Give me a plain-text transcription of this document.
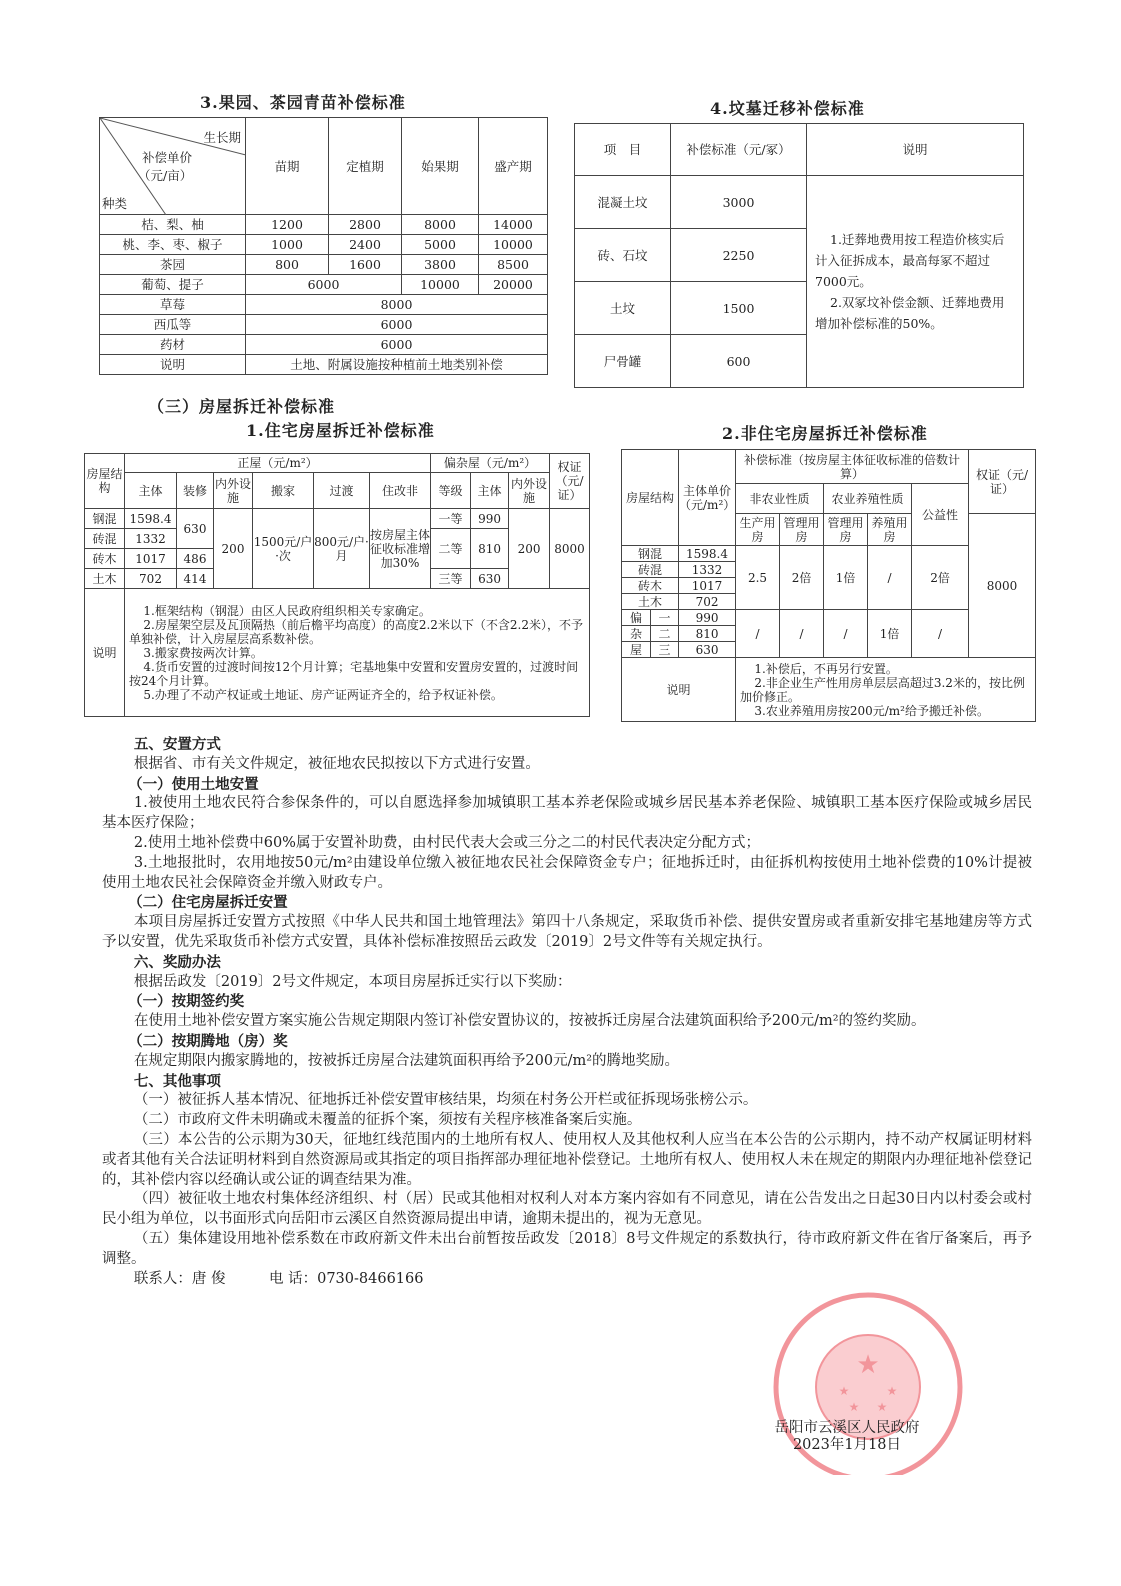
3.果园、茶园青苗补偿标准
生长期
补偿单价
（元/亩）
种类	苗期	定植期	始果期	盛产期
桔、梨、柚	1200	2800	8000	14000
桃、李、枣、椒子	1000	2400	5000	10000
茶园	800	1600	3800	8500
葡萄、提子	6000		10000	20000
草莓	8000			
西瓜等	6000			
药材	6000			
说明	土地、附属设施按种植前土地类别补偿			
4.坟墓迁移补偿标准
项　目	补偿标准（元/冢）	说明
混凝土坟	3000	1.迁葬地费用按工程造价核实后计入征拆成本，最高每冢不超过7000元。

2.双冢坟补偿金额、迁葬地费用增加补偿标准的50%。

砖、石坟	2250	
土坟	1500	
尸骨罐	600	
（三）房屋拆迁补偿标准
1.住宅房屋拆迁补偿标准
房屋结构	正屋（元/m²）						偏杂屋（元/m²）			权证（元/证）
	主体	装修	内外设施	搬家	过渡	住改非	等级	主体	内外设施	
钢混	1598.4	630	200	1500元/户·次	800元/户·月	按房屋主体征收标准增加30%	一等	990	200	8000
砖混	1332						二等	810		
砖木	1017	486								
土木	702	414					三等	630		
说明	1.框架结构（钢混）由区人民政府组织相关专家确定。

2.房屋架空层及瓦顶隔热（前后檐平均高度）的高度2.2米以下（不含2.2米），不予单独补偿，计入房屋层高系数补偿。

3.搬家费按两次计算。

4.货币安置的过渡时间按12个月计算；宅基地集中安置和安置房安置的，过渡时间按24个月计算。

5.办理了不动产权证或土地证、房产证两证齐全的，给予权证补偿。									

2.非住宅房屋拆迁补偿标准
房屋结构		主体单价（元/m²）	补偿标准（按房屋主体征收标准的倍数计算）					权证（元/证）
			非农业性质		农业养殖性质		公益性	
			生产用房	管理用房	管理用房	养殖用房		8000
钢混		1598.4	2.5	2倍	1倍	/	2倍	
砖混		1332						
砖木		1017						
土木		702						
偏	一	990	/	/	/	1倍	/	
杂	二	810						
屋	三	630						
说明			1.补偿后，不再另行安置。

2.非企业生产性用房单层层高超过3.2米的，按比例加价修正。

3.农业养殖用房按200元/m²给予搬迁补偿。					

五、安置方式

根据省、市有关文件规定，被征地农民拟按以下方式进行安置。

（一）使用土地安置

1.被使用土地农民符合参保条件的，可以自愿选择参加城镇职工基本养老保险或城乡居民基本养老保险、城镇职工基本医疗保险或城乡居民基本医疗保险；

2.使用土地补偿费中60%属于安置补助费，由村民代表大会或三分之二的村民代表决定分配方式；

3.土地报批时，农用地按50元/m²由建设单位缴入被征地农民社会保障资金专户；征地拆迁时，由征拆机构按使用土地补偿费的10%计提被使用土地农民社会保障资金并缴入财政专户。

（二）住宅房屋拆迁安置

本项目房屋拆迁安置方式按照《中华人民共和国土地管理法》第四十八条规定，采取货币补偿、提供安置房或者重新安排宅基地建房等方式予以安置，优先采取货币补偿方式安置，具体补偿标准按照岳云政发〔2019〕2号文件等有关规定执行。

六、奖励办法

根据岳政发〔2019〕2号文件规定，本项目房屋拆迁实行以下奖励：

（一）按期签约奖

在使用土地补偿安置方案实施公告规定期限内签订补偿安置协议的，按被拆迁房屋合法建筑面积给予200元/m²的签约奖励。

（二）按期腾地（房）奖

在规定期限内搬家腾地的，按被拆迁房屋合法建筑面积再给予200元/m²的腾地奖励。

七、其他事项

（一）被征拆人基本情况、征地拆迁补偿安置审核结果，均须在村务公开栏或征拆现场张榜公示。

（二）市政府文件未明确或未覆盖的征拆个案，须按有关程序核准备案后实施。

（三）本公告的公示期为30天，征地红线范围内的土地所有权人、使用权人及其他权利人应当在本公告的公示期内，持不动产权属证明材料或者其他有关合法证明材料到自然资源局或其指定的项目指挥部办理征地补偿登记。土地所有权人、使用权人未在规定的期限内办理征地补偿登记的，其补偿内容以经确认或公证的调查结果为准。

（四）被征收土地农村集体经济组织、村（居）民或其他相对权利人对本方案内容如有不同意见，请在公告发出之日起30日内以村委会或村民小组为单位，以书面形式向岳阳市云溪区自然资源局提出申请，逾期未提出的，视为无意见。

（五）集体建设用地补偿系数在市政府新文件未出台前暂按岳政发〔2018〕8号文件规定的系数执行，待市政府新文件在省厅备案后，再予调整。

联系人：唐 俊　　　电 话：0730-8466166

★
★	★
★ ★
岳阳市云溪区人民政府
2023年1月18日
